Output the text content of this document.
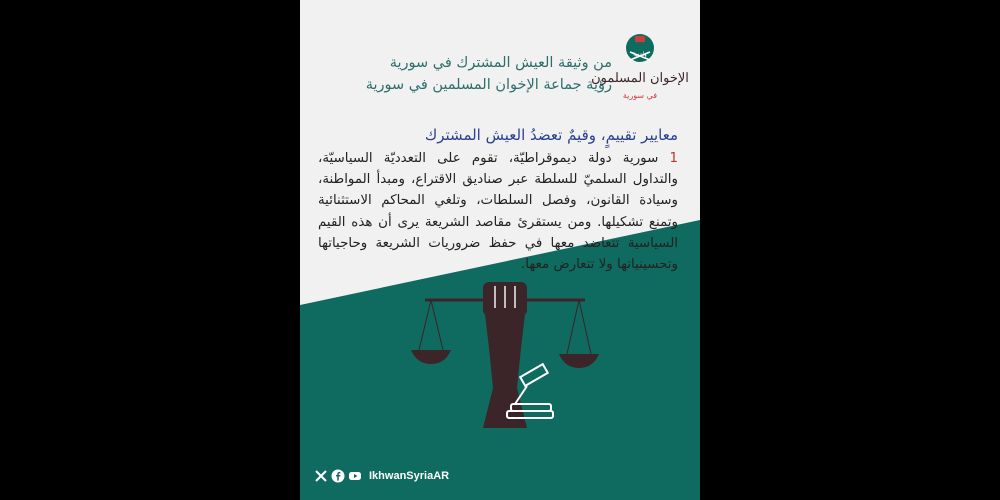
وأعدوا
الإخوان المسلمون
في سورية
من وثيقة العيش المشترك في سورية
رؤية جماعة الإخوان المسلمين في سورية
معايير تقييمٍ، وقيمٌ تعضدُ العيش المشترك
1 سورية دولة ديموقراطيّة، تقوم على التعدديّة السياسيّة، والتداول السلميّ للسلطة عبر صناديق الاقتراع، ومبدأ المواطنة، وسيادة القانون، وفصل السلطات، وتلغي المحاكم الاستثنائية وتمنع تشكيلها. ومن يستقرئ مقاصد الشريعة يرى أن هذه القيم السياسية تتعاضد معها في حفظ ضروريات الشريعة وحاجياتها وتحسينياتها ولا تتعارض معها.
IkhwanSyriaAR
